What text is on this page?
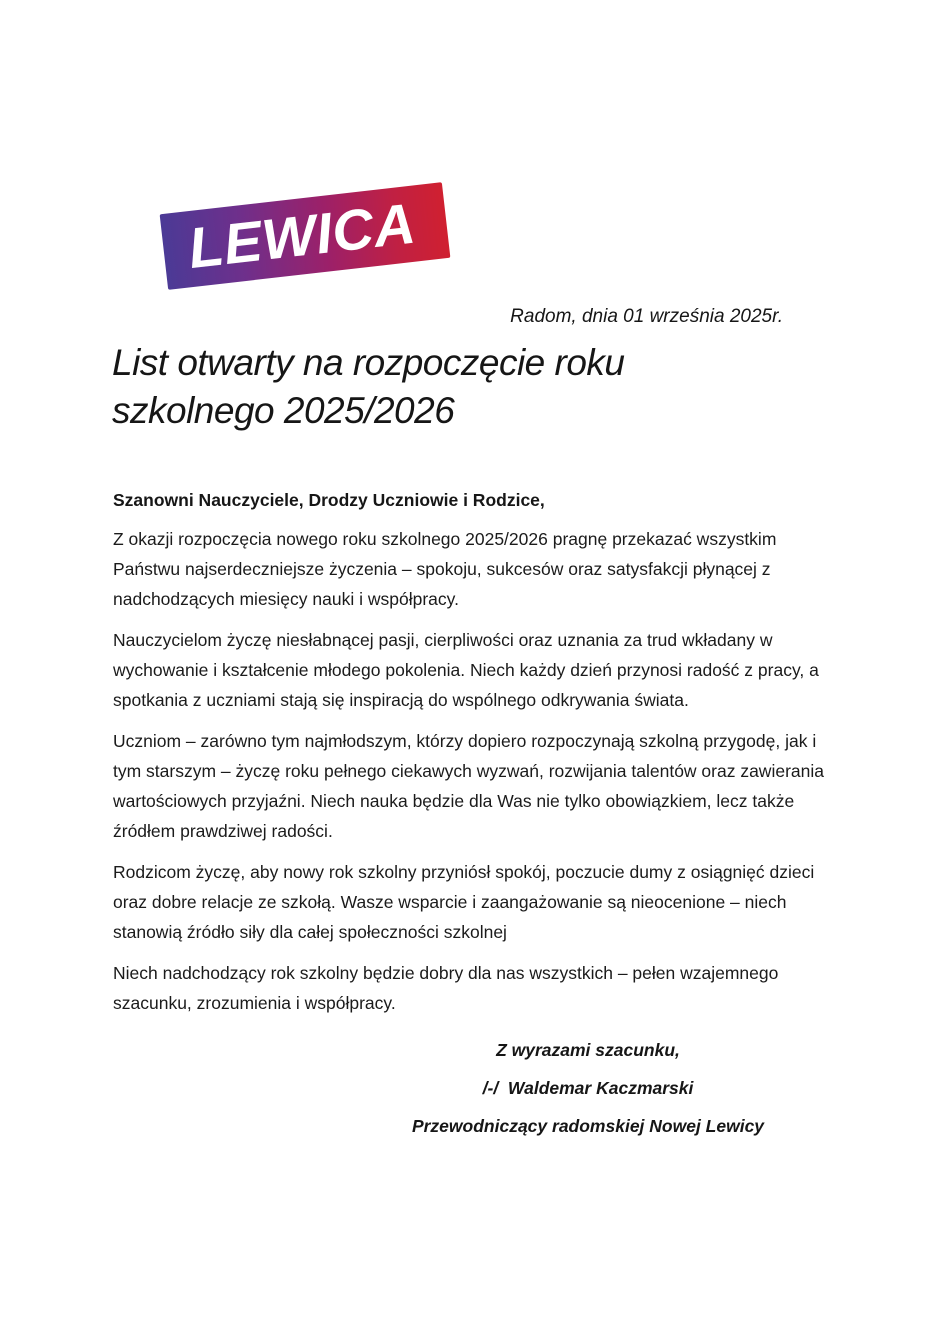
LEWICA
Radom, dnia 01 września 2025r.
List otwarty na rozpoczęcie roku szkolnego 2025/2026
Szanowni Nauczyciele, Drodzy Uczniowie i Rodzice,

Z okazji rozpoczęcia nowego roku szkolnego 2025/2026 pragnę przekazać wszystkim Państwu najserdeczniejsze życzenia – spokoju, sukcesów oraz satysfakcji płynącej z nadchodzących miesięcy nauki i współpracy.

Nauczycielom życzę niesłabnącej pasji, cierpliwości oraz uznania za trud wkładany w wychowanie i kształcenie młodego pokolenia. Niech każdy dzień przynosi radość z pracy, a spotkania z uczniami stają się inspiracją do wspólnego odkrywania świata.

Uczniom – zarówno tym najmłodszym, którzy dopiero rozpoczynają szkolną przygodę, jak i tym starszym – życzę roku pełnego ciekawych wyzwań, rozwijania talentów oraz zawierania wartościowych przyjaźni. Niech nauka będzie dla Was nie tylko obowiązkiem, lecz także źródłem prawdziwej radości.

Rodzicom życzę, aby nowy rok szkolny przyniósł spokój, poczucie dumy z osiągnięć dzieci oraz dobre relacje ze szkołą. Wasze wsparcie i zaangażowanie są nieocenione – niech stanowią źródło siły dla całej społeczności szkolnej

Niech nadchodzący rok szkolny będzie dobry dla nas wszystkich – pełen wzajemnego szacunku, zrozumienia i współpracy.

Z wyrazami szacunku,
/-/  Waldemar Kaczmarski
Przewodniczący radomskiej Nowej Lewicy
